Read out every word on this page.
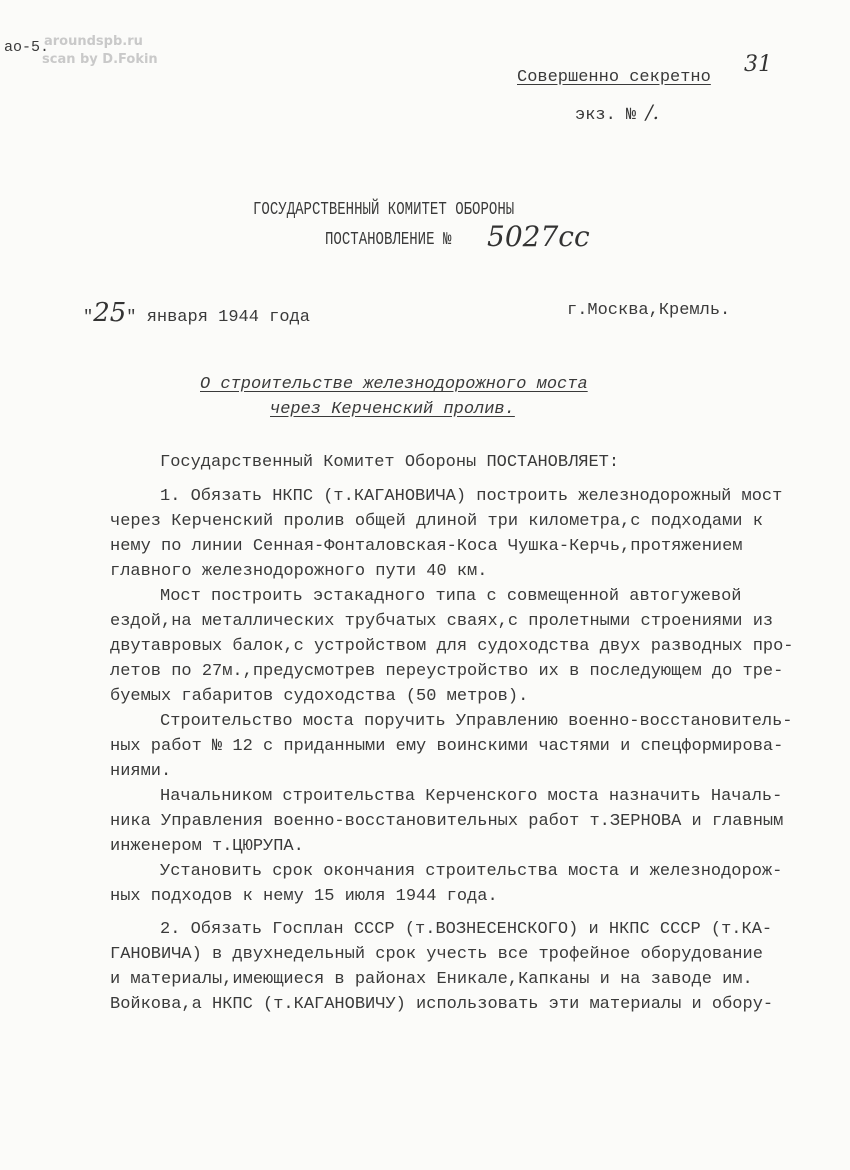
ао-5.
aroundspb.ru
scan by D.Fokin	31
Совершенно секретно
экз. № /.
ГОСУДАРСТВЕННЫЙ КОМИТЕТ ОБОРОНЫ
ПОСТАНОВЛЕНИЕ № 5027сс
"25" января 1944 года	г.Москва,Кремль.
О строительстве железнодорожного моста
через Керченский пролив.
Государственный Комитет Обороны ПОСТАНОВЛЯЕТ:
1. Обязать НКПС (т.КАГАНОВИЧА) построить железнодорожный мост
через Керченский пролив общей длиной три километра,с подходами к
нему по линии Сенная-Фонталовская-Коса Чушка-Керчь,протяжением
главного железнодорожного пути 40 км.
Мост построить эстакадного типа с совмещенной автогужевой
ездой,на металлических трубчатых сваях,с пролетными строениями из
двутавровых балок,с устройством для судоходства двух разводных про-
летов по 27м.,предусмотрев переустройство их в последующем до тре-
буемых габаритов судоходства (50 метров).
Строительство моста поручить Управлению военно-восстановитель-
ных работ № 12 с приданными ему воинскими частями и спецформирова-
ниями.
Начальником строительства Керченского моста назначить Началь-
ника Управления военно-восстановительных работ т.ЗЕРНОВА и главным
инженером т.ЦЮРУПА.
Установить срок окончания строительства моста и железнодорож-
ных подходов к нему 15 июля 1944 года.
2. Обязать Госплан СССР (т.ВОЗНЕСЕНСКОГО) и НКПС СССР (т.КА-
ГАНОВИЧА) в двухнедельный срок учесть все трофейное оборудование
и материалы,имеющиеся в районах Еникале,Капканы и на заводе им.
Войкова,а НКПС (т.КАГАНОВИЧУ) использовать эти материалы и обору-
